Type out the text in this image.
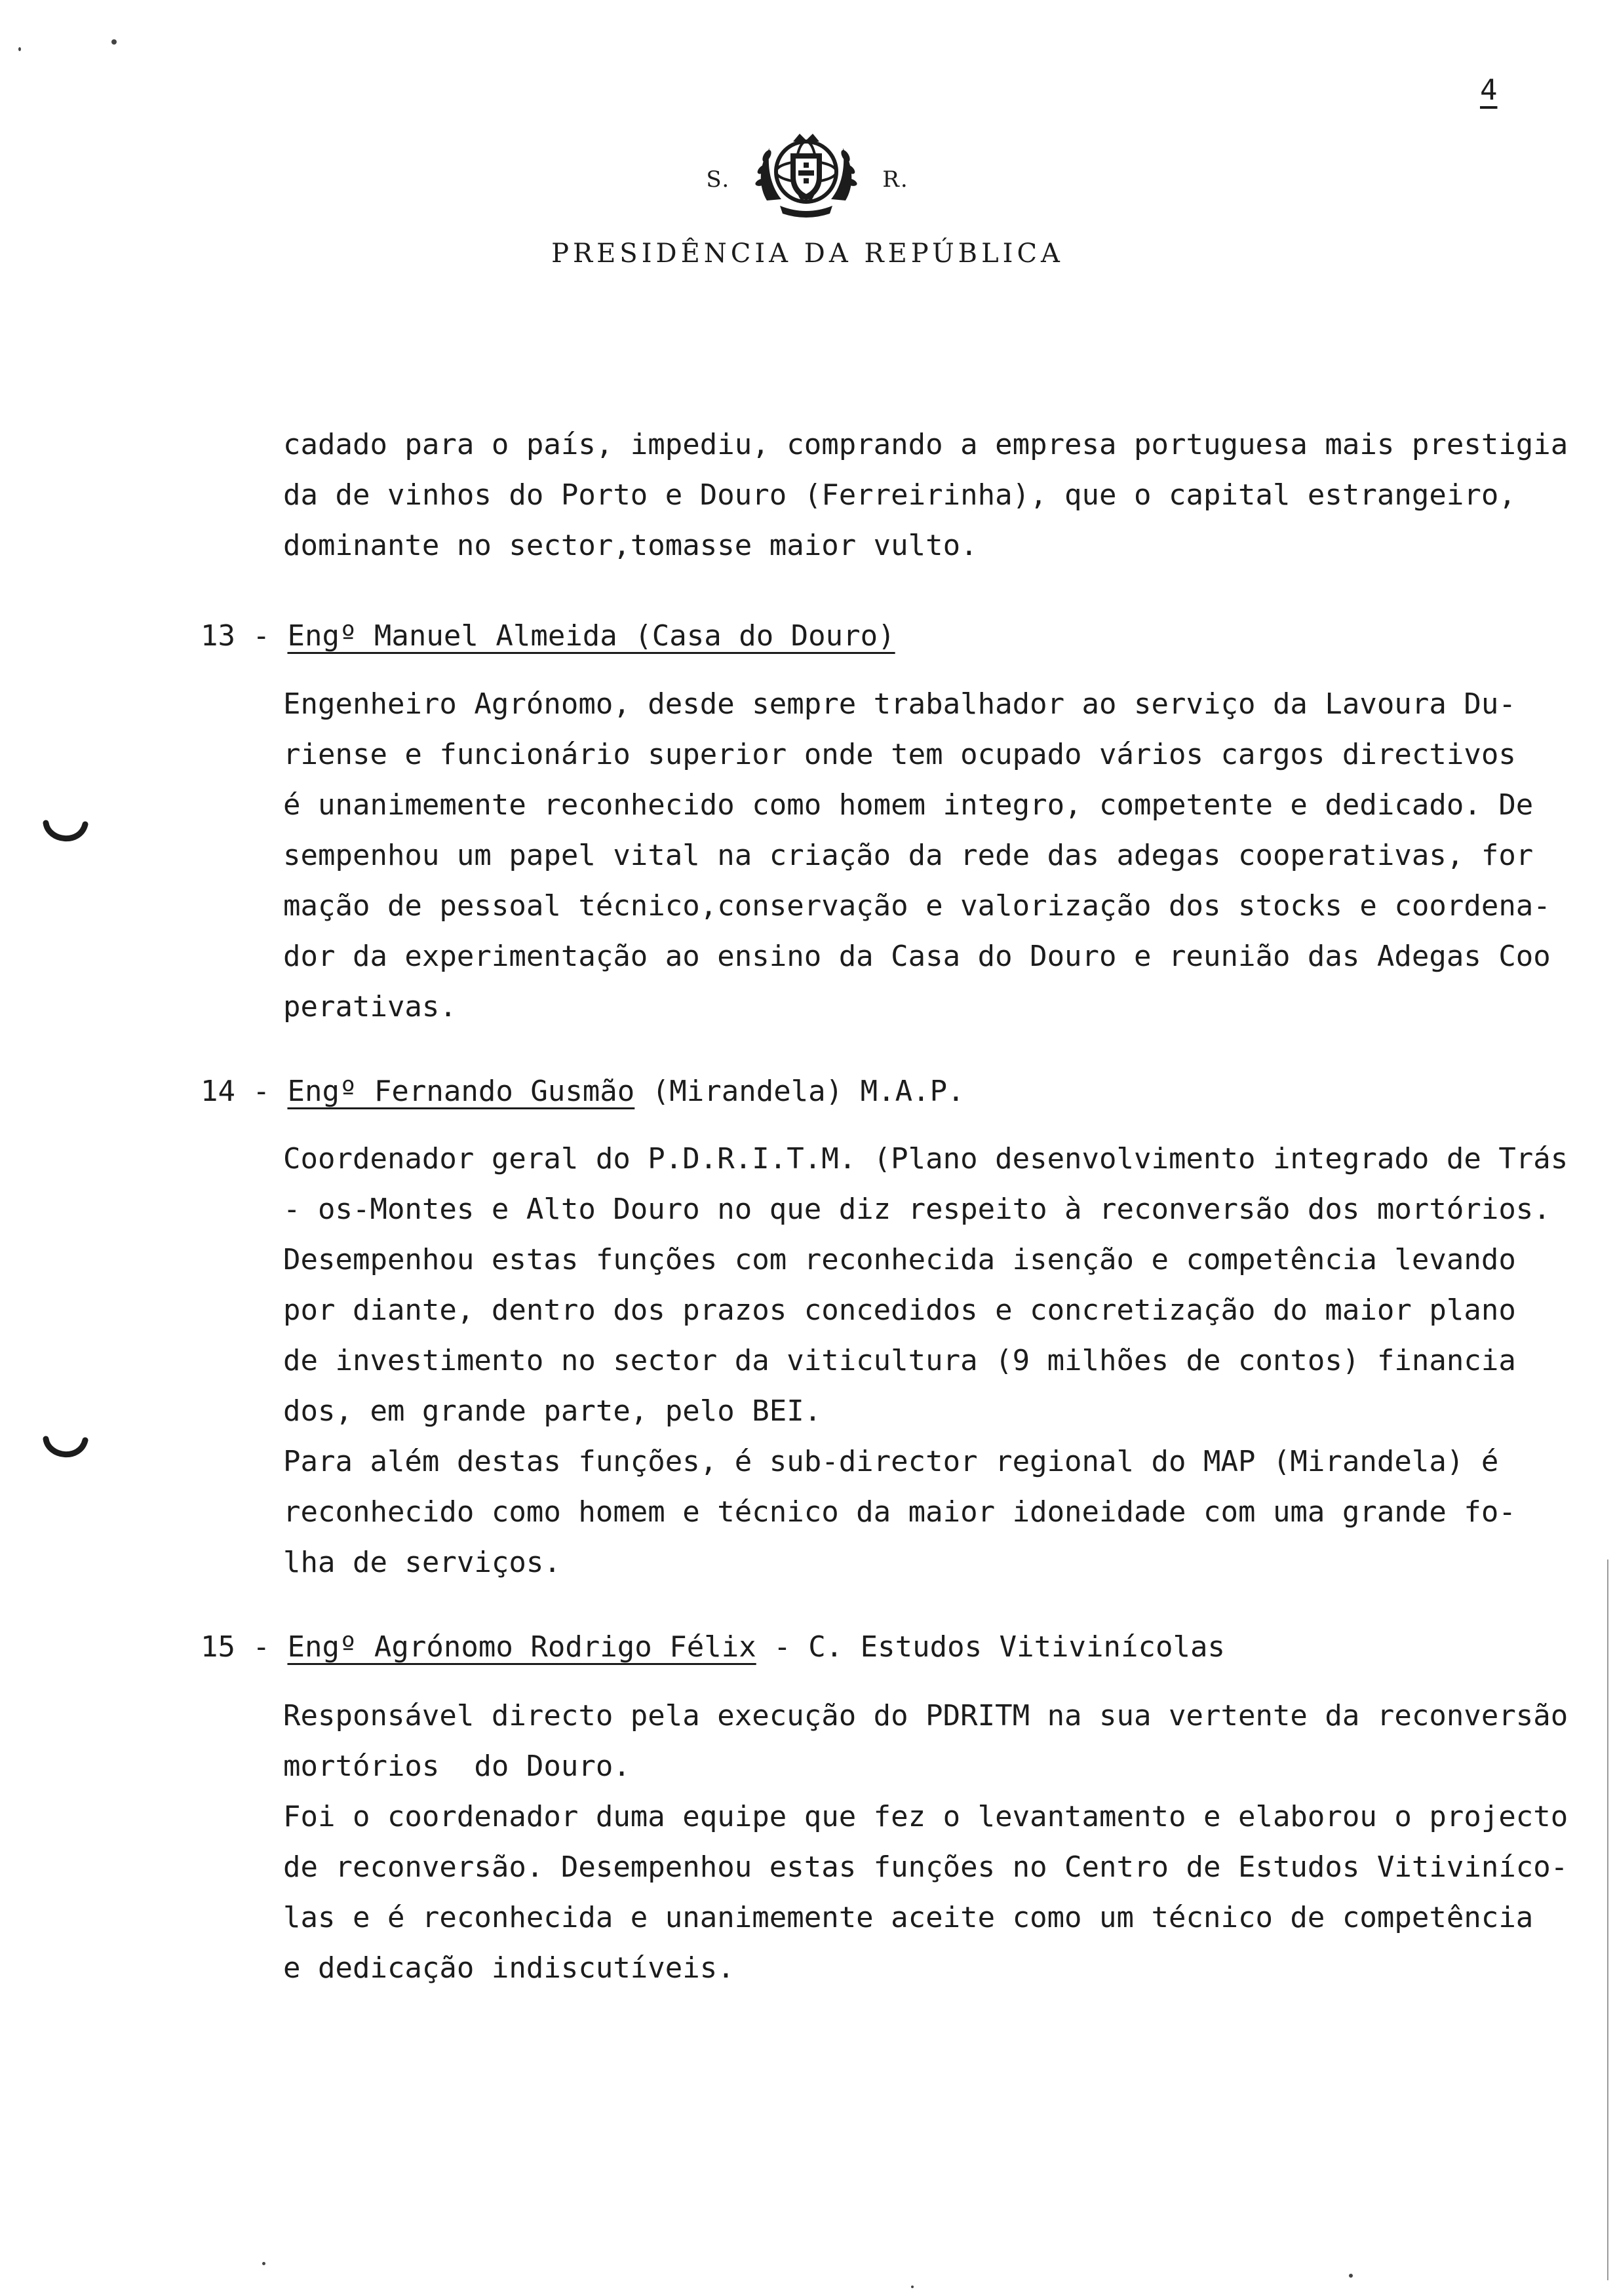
4
S.	R.
PRESIDÊNCIA DA REPÚBLICA
cadado para o país, impediu, comprando a empresa portuguesa mais prestigia
da de vinhos do Porto e Douro (Ferreirinha), que o capital estrangeiro,
dominante no sector,tomasse maior vulto.
13 - Engº Manuel Almeida (Casa do Douro)
Engenheiro Agrónomo, desde sempre trabalhador ao serviço da Lavoura Du-
riense e funcionário superior onde tem ocupado vários cargos directivos
é unanimemente reconhecido como homem integro, competente e dedicado. De
sempenhou um papel vital na criação da rede das adegas cooperativas, for
mação de pessoal técnico,conservação e valorização dos stocks e coordena-
dor da experimentação ao ensino da Casa do Douro e reunião das Adegas Coo
perativas.
14 - Engº Fernando Gusmão (Mirandela) M.A.P.
Coordenador geral do P.D.R.I.T.M. (Plano desenvolvimento integrado de Trás
- os-Montes e Alto Douro no que diz respeito à reconversão dos mortórios.
Desempenhou estas funções com reconhecida isenção e competência levando
por diante, dentro dos prazos concedidos e concretização do maior plano
de investimento no sector da viticultura (9 milhões de contos) financia
dos, em grande parte, pelo BEI.
Para além destas funções, é sub-director regional do MAP (Mirandela) é
reconhecido como homem e técnico da maior idoneidade com uma grande fo-
lha de serviços.
15 - Engº Agrónomo Rodrigo Félix - C. Estudos Vitivinícolas
Responsável directo pela execução do PDRITM na sua vertente da reconversão
mortórios  do Douro.
Foi o coordenador duma equipe que fez o levantamento e elaborou o projecto
de reconversão. Desempenhou estas funções no Centro de Estudos Vitivinícο-
las e é reconhecida e unanimemente aceite como um técnico de competência
e dedicação indiscutíveis.
